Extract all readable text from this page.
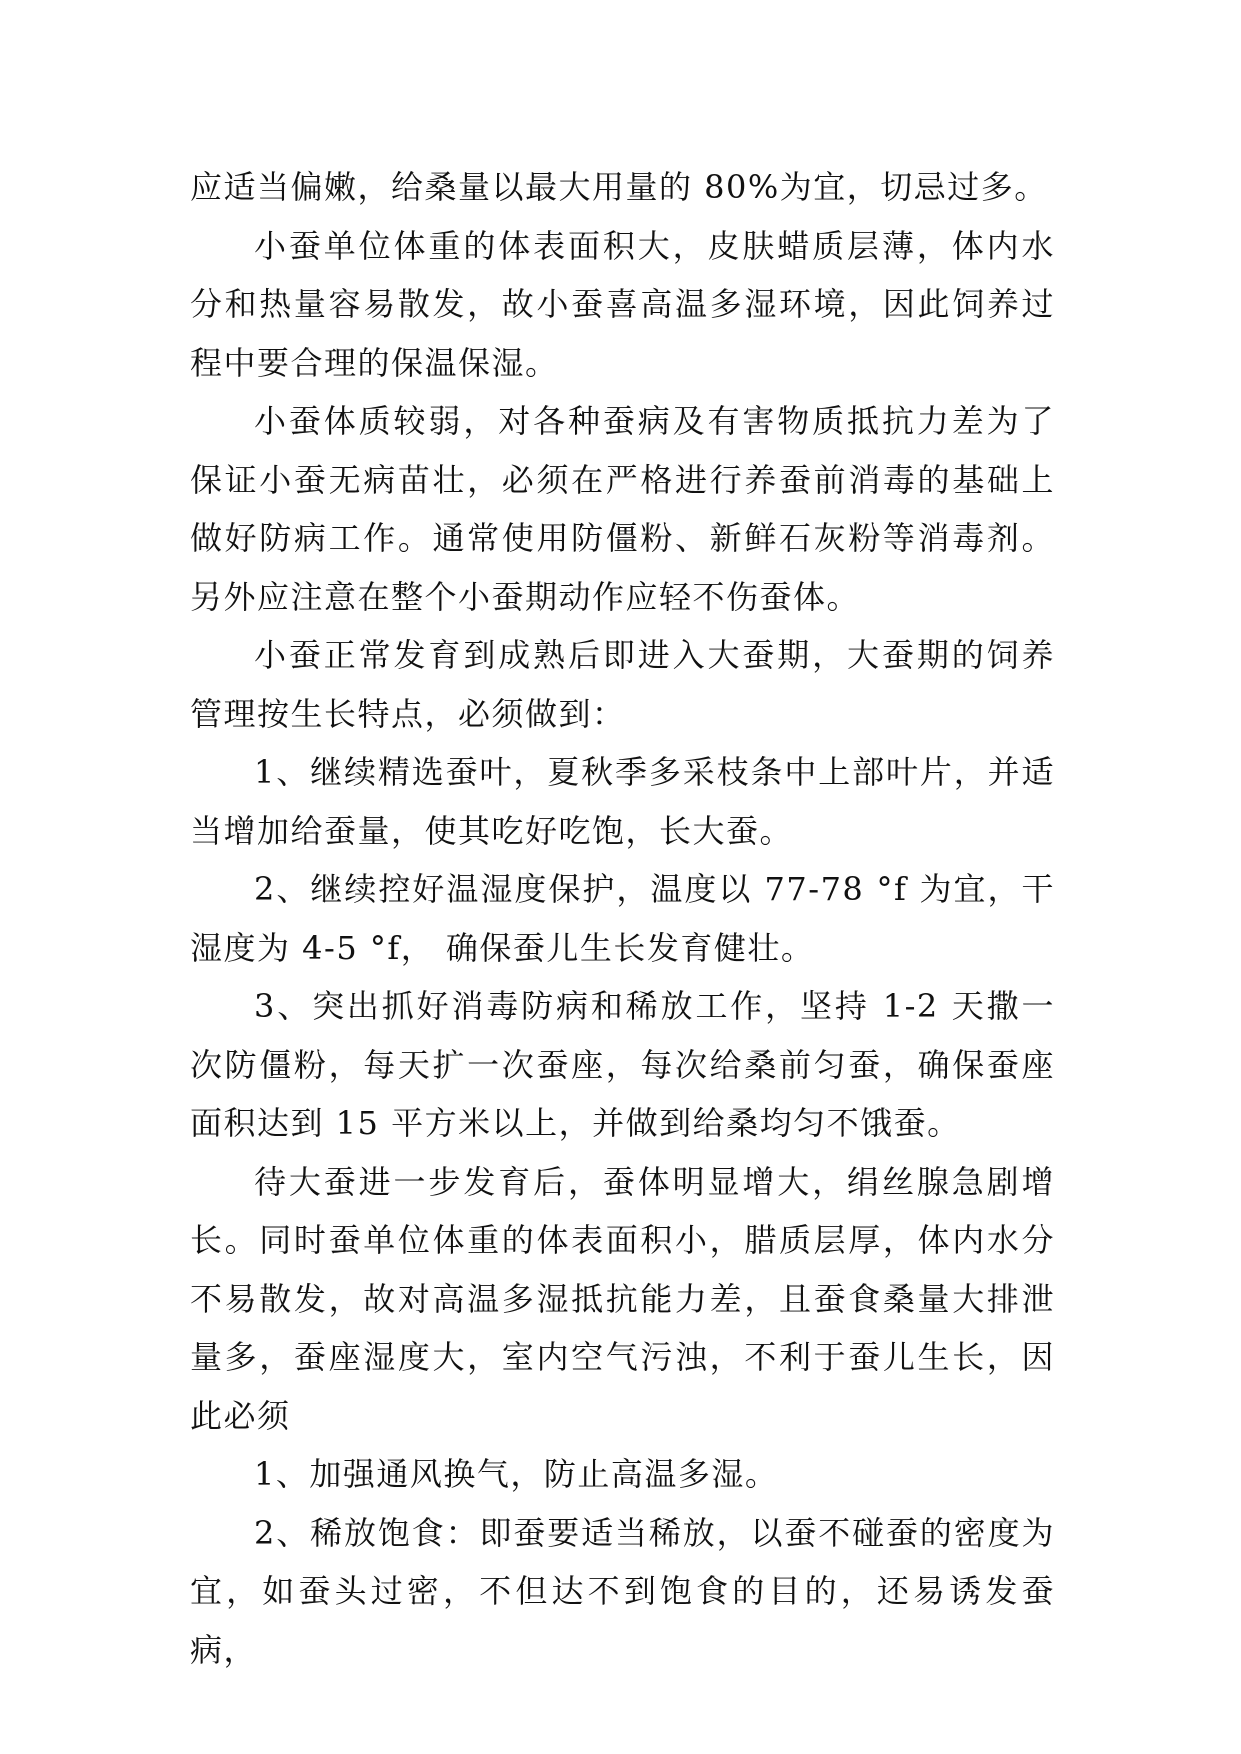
应适当偏嫩，给桑量以最大用量的 80%为宜，切忌过多。

小蚕单位体重的体表面积大，皮肤蜡质层薄，体内水分和热量容易散发，故小蚕喜高温多湿环境，因此饲养过程中要合理的保温保湿。

小蚕体质较弱，对各种蚕病及有害物质抵抗力差为了保证小蚕无病苗壮，必须在严格进行养蚕前消毒的基础上做好防病工作。通常使用防僵粉、新鲜石灰粉等消毒剂。另外应注意在整个小蚕期动作应轻不伤蚕体。

小蚕正常发育到成熟后即进入大蚕期，大蚕期的饲养管理按生长特点，必须做到：

1、继续精选蚕叶，夏秋季多采枝条中上部叶片，并适当增加给蚕量，使其吃好吃饱，长大蚕。

2、继续控好温湿度保护，温度以 77-78 °f 为宜，干湿度为 4-5 °f， 确保蚕儿生长发育健壮。

3、突出抓好消毒防病和稀放工作，坚持 1-2 天撒一次防僵粉，每天扩一次蚕座，每次给桑前匀蚕，确保蚕座面积达到 15 平方米以上，并做到给桑均匀不饿蚕。

待大蚕进一步发育后，蚕体明显增大，绢丝腺急剧增长。同时蚕单位体重的体表面积小，腊质层厚，体内水分不易散发，故对高温多湿抵抗能力差，且蚕食桑量大排泄量多，蚕座湿度大，室内空气污浊，不利于蚕儿生长，因此必须

1、加强通风换气，防止高温多湿。

2、稀放饱食：即蚕要适当稀放，以蚕不碰蚕的密度为宜，如蚕头过密，不但达不到饱食的目的，还易诱发蚕病，
